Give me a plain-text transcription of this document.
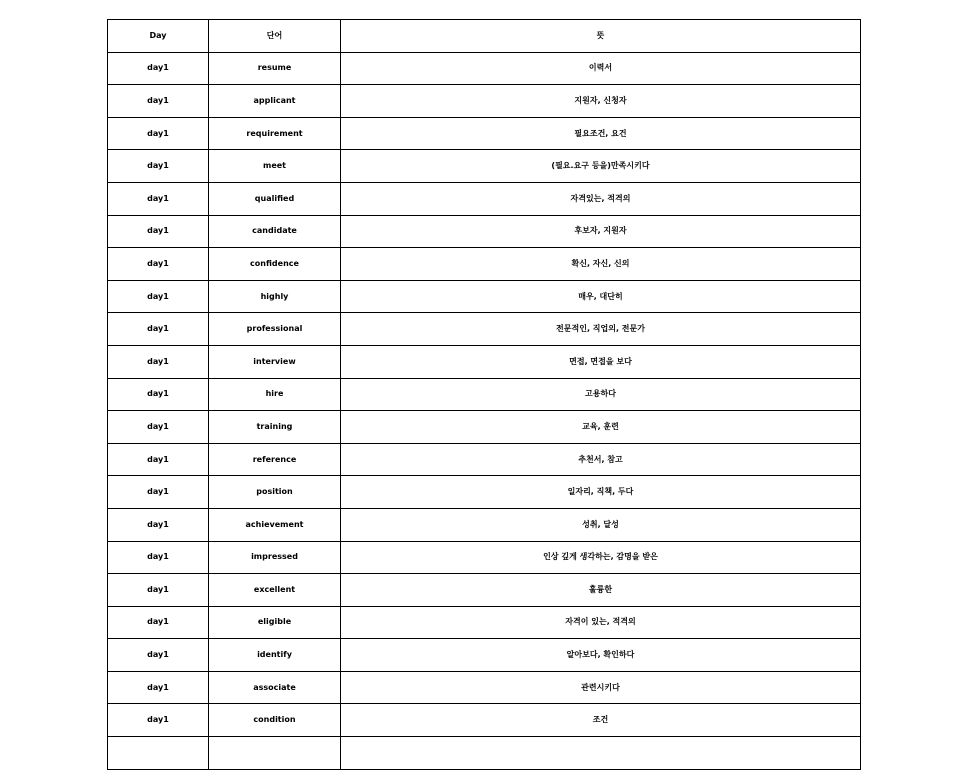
Day	단어	뜻
day1	resume	이력서
day1	applicant	지원자, 신청자
day1	requirement	필요조건, 요건
day1	meet	(필요.요구 등을)만족시키다
day1	qualified	자격있는, 적격의
day1	candidate	후보자, 지원자
day1	confidence	확신, 자신, 신의
day1	highly	매우, 대단히
day1	professional	전문적인, 직업의, 전문가
day1	interview	면접, 면접을 보다
day1	hire	고용하다
day1	training	교육, 훈련
day1	reference	추천서, 참고
day1	position	일자리, 직책, 두다
day1	achievement	성취, 달성
day1	impressed	인상 깊게 생각하는, 감명을 받은
day1	excellent	훌륭한
day1	eligible	자격이 있는, 적격의
day1	identify	알아보다, 확인하다
day1	associate	관련시키다
day1	condition	조건
